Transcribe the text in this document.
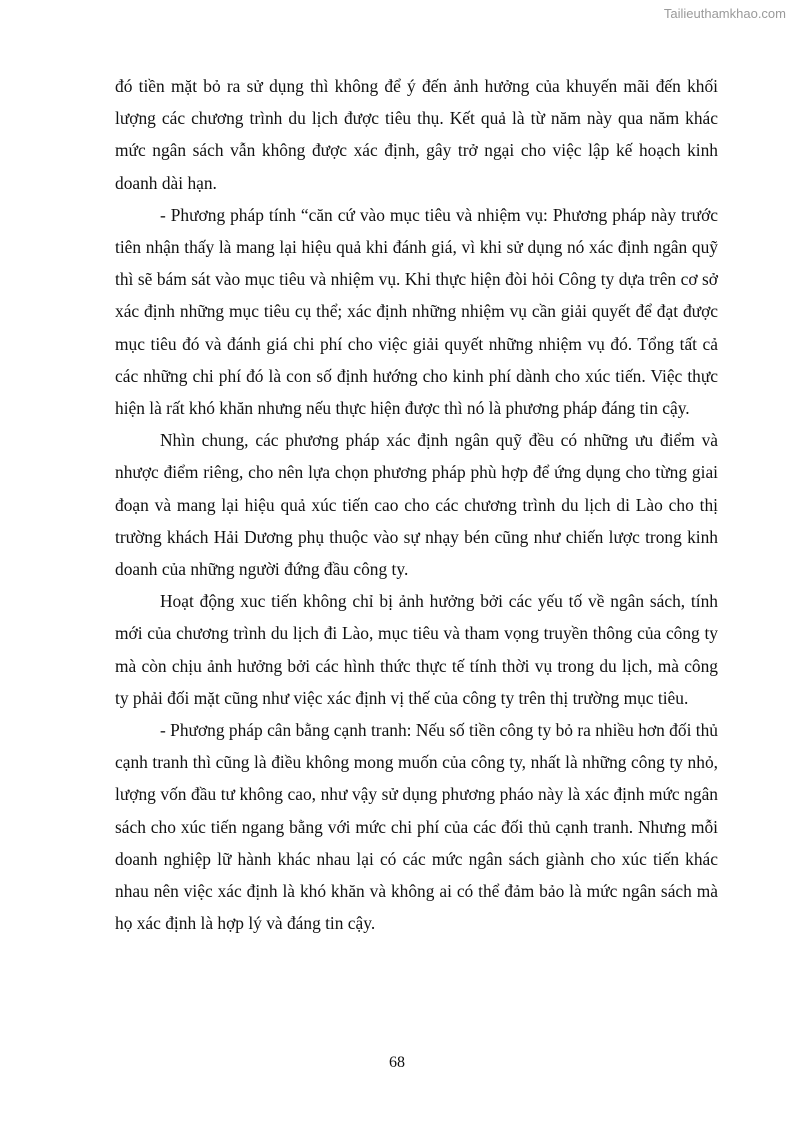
Tailieuthamkhao.com

đó tiền mặt bỏ ra sử dụng thì không để ý đến ảnh hưởng của khuyến mãi đến khối lượng các chương trình du lịch được tiêu thụ. Kết quả là từ năm này qua năm khác mức ngân sách vẫn không được xác định, gây trở ngại cho việc lập kế hoạch kinh doanh dài hạn.

- Phương pháp tính “căn cứ vào mục tiêu và nhiệm vụ: Phương pháp này trước tiên nhận thấy là mang lại hiệu quả khi đánh giá, vì khi sử dụng nó xác định ngân quỹ thì sẽ bám sát vào mục tiêu và nhiệm vụ. Khi thực hiện đòi hỏi Công ty dựa trên cơ sở xác định những mục tiêu cụ thể; xác định những nhiệm vụ cần giải quyết để đạt được mục tiêu đó và đánh giá chi phí cho việc giải quyết những nhiệm vụ đó. Tổng tất cả các những chi phí đó là con số định hướng cho kinh phí dành cho xúc tiến. Việc thực hiện là rất khó khăn nhưng nếu thực hiện được thì nó là phương pháp đáng tin cậy.

Nhìn chung, các phương pháp xác định ngân quỹ đều có những ưu điểm và nhược điểm riêng, cho nên lựa chọn phương pháp phù hợp để ứng dụng cho từng giai đoạn và mang lại hiệu quả xúc tiến cao cho các chương trình du lịch di Lào cho thị trường khách Hải Dương phụ thuộc vào sự nhạy bén cũng như chiến lược trong kinh doanh của những người đứng đầu công ty.

Hoạt động xuc tiến không chỉ bị ảnh hưởng bởi các yếu tố về ngân sách, tính mới của chương trình du lịch đi Lào, mục tiêu và tham vọng truyền thông của công ty mà còn chịu ảnh hưởng bởi các hình thức thực tế tính thời vụ trong du lịch, mà công ty phải đối mặt cũng như việc xác định vị thế của công ty trên thị trường mục tiêu.

- Phương pháp cân bằng cạnh tranh: Nếu số tiền công ty bỏ ra nhiều hơn đối thủ cạnh tranh thì cũng là điều không mong muốn của công ty, nhất là những công ty nhỏ, lượng vốn đầu tư không cao, như vậy sử dụng phương pháo này là xác định mức ngân sách cho xúc tiến ngang bằng với mức chi phí của các đối thủ cạnh tranh. Nhưng mỗi doanh nghiệp lữ hành khác nhau lại có các mức ngân sách giành cho xúc tiến khác nhau nên việc xác định là khó khăn và không ai có thể đảm bảo là mức ngân sách mà họ xác định là hợp lý và đáng tin cậy.

68
